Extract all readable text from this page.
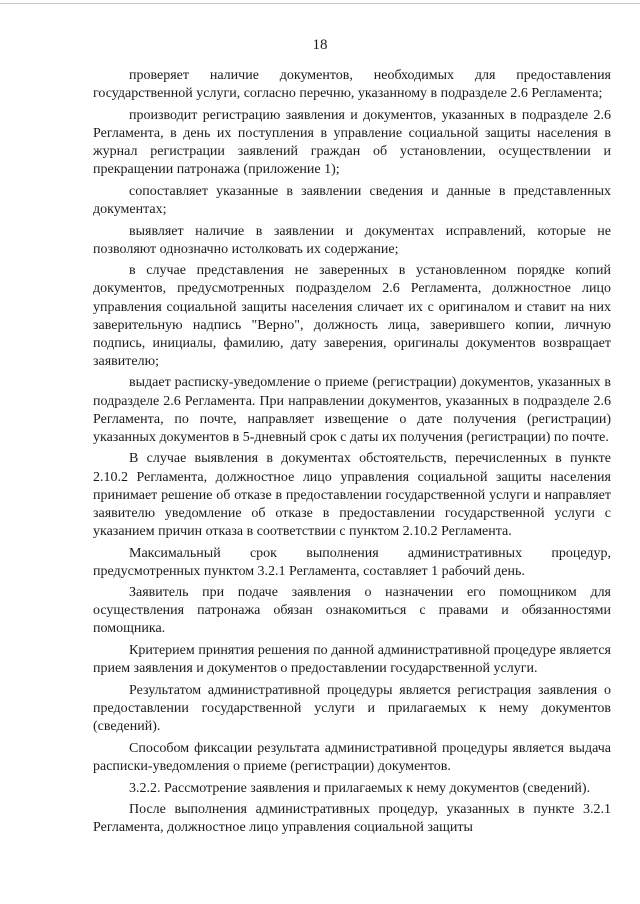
18

проверяет наличие документов, необходимых для предоставления государственной услуги, согласно перечню, указанному в подразделе 2.6 Регламента;

производит регистрацию заявления и документов, указанных в подразделе 2.6 Регламента, в день их поступления в управление социальной защиты населения в журнал регистрации заявлений граждан об установлении, осуществлении и прекращении патронажа (приложение 1);

сопоставляет указанные в заявлении сведения и данные в представленных документах;

выявляет наличие в заявлении и документах исправлений, которые не позволяют однозначно истолковать их содержание;

в случае представления не заверенных в установленном порядке копий документов, предусмотренных подразделом 2.6 Регламента, должностное лицо управления социальной защиты населения сличает их с оригиналом и ставит на них заверительную надпись "Верно", должность лица, заверившего копии, личную подпись, инициалы, фамилию, дату заверения, оригиналы документов возвращает заявителю;

выдает расписку-уведомление о приеме (регистрации) документов, указанных в подразделе 2.6 Регламента. При направлении документов, указанных в подразделе 2.6 Регламента, по почте, направляет извещение о дате получения (регистрации) указанных документов в 5-дневный срок с даты их получения (регистрации) по почте.

В случае выявления в документах обстоятельств, перечисленных в пункте 2.10.2 Регламента, должностное лицо управления социальной защиты населения принимает решение об отказе в предоставлении государственной услуги и направляет заявителю уведомление об отказе в предоставлении государственной услуги с указанием причин отказа в соответствии с пунктом 2.10.2 Регламента.

Максимальный срок выполнения административных процедур, предусмотренных пунктом 3.2.1 Регламента, составляет 1 рабочий день.

Заявитель при подаче заявления о назначении его помощником для осуществления патронажа обязан ознакомиться с правами и обязанностями помощника.

Критерием принятия решения по данной административной процедуре является прием заявления и документов о предоставлении государственной услуги.

Результатом административной процедуры является регистрация заявления о предоставлении государственной услуги и прилагаемых к нему документов (сведений).

Способом фиксации результата административной процедуры является выдача расписки-уведомления о приеме (регистрации) документов.

3.2.2. Рассмотрение заявления и прилагаемых к нему документов (сведений).

После выполнения административных процедур, указанных в пункте 3.2.1 Регламента, должностное лицо управления социальной защиты
